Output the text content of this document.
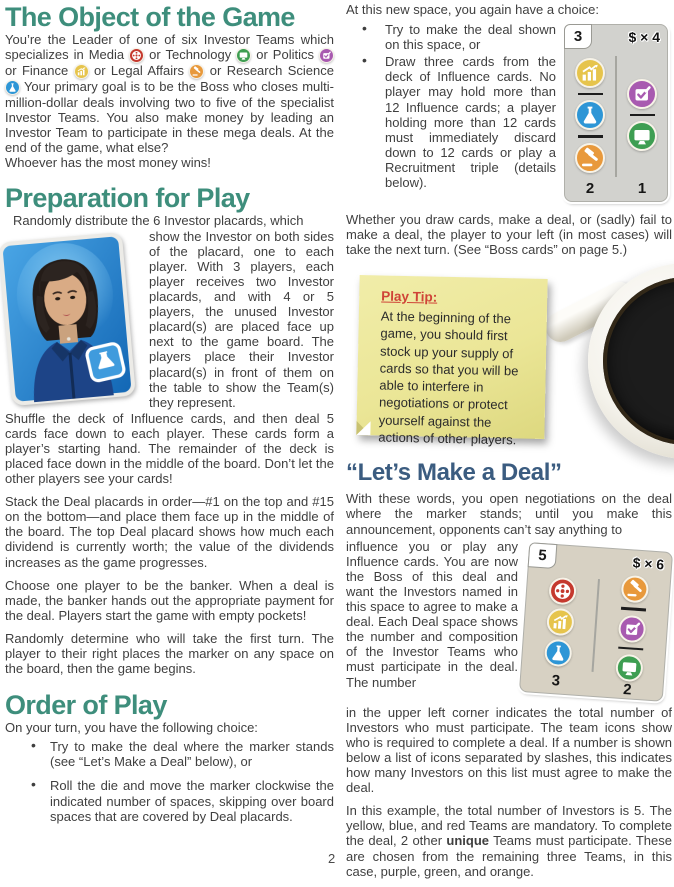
The Object of the Game

You’re the Leader of one of six Investor Teams which specializes in Media
or Technology
or Politics
or Finance
or Legal Affairs
or Research Science
Your primary goal is to be the Boss who closes multi-million-dollar deals involving two to five of the specialist Investor Teams. You also make money by leading an Investor Team to participate in these mega deals. At the end of the game, what else?
Whoever has the most money wins!

Preparation for Play

Randomly distribute the 6 Investor placards, which

show the Investor on both sides of the placard, one to each player. With 3 players, each player receives two Investor placards, and with 4 or 5 players, the unused Investor placard(s) are placed face up next to the game board. The players place their Investor placard(s) in front of them on the table to show the Team(s) they represent.

Shuffle the deck of Influence cards, and then deal 5 cards face down to each player. These cards form a player’s starting hand. The remainder of the deck is placed face down in the middle of the board. Don’t let the other players see your cards!

Stack the Deal placards in order—#1 on the top and #15 on the bottom—and place them face up in the middle of the board. The top Deal placard shows how much each dividend is currently worth; the value of the dividends increases as the game progresses.

Choose one player to be the banker. When a deal is made, the banker hands out the appropriate payment for the deal. Players start the game with empty pockets!

Randomly determine who will take the first turn. The player to their right places the marker on any space on the board, then the game begins.

Order of Play

On your turn, you have the following choice:

• Try to make the deal where the marker stands (see “Let’s Make a Deal” below), or
• Roll the die and move the marker clockwise the indicated number of spaces, skipping over board spaces that are covered by Deal placards.

At this new space, you again have a choice:

3	$ × 4
2	1
• Try to make the deal shown on this space, or
• Draw three cards from the deck of Influence cards. No player may hold more than 12 Influence cards; a player holding more than 12 cards must immediately discard down to 12 cards or play a Recruitment triple (details below).

Whether you draw cards, make a deal, or (sadly) fail to make a deal, the player to your left (in most cases) will take the next turn. (See “Boss cards” on page 5.)

Play Tip:
At the beginning of the game, you should first stock up your supply of cards so that you will be able to interfere in negotiations or protect yourself against the actions of other players.
“Let’s Make a Deal”

With these words, you open negotiations on the deal where the marker stands; until you make this announcement, opponents can’t say anything to

5	$ × 6
3
2

influence you or play any Influence cards. You are now the Boss of this deal and want the Investors named in this space to agree to make a deal. Each Deal space shows the number and composition of the Investor Teams who must participate in the deal. The number

in the upper left corner indicates the total number of Investors who must participate. The team icons show who is required to complete a deal. If a number is shown below a list of icons separated by slashes, this indicates how many Investors on this list must agree to make the deal.

In this example, the total number of Investors is 5. The yellow, blue, and red Teams are mandatory. To complete the deal, 2 other unique Teams must participate. These are chosen from the remaining three Teams, in this case, purple, green, and orange.

2
